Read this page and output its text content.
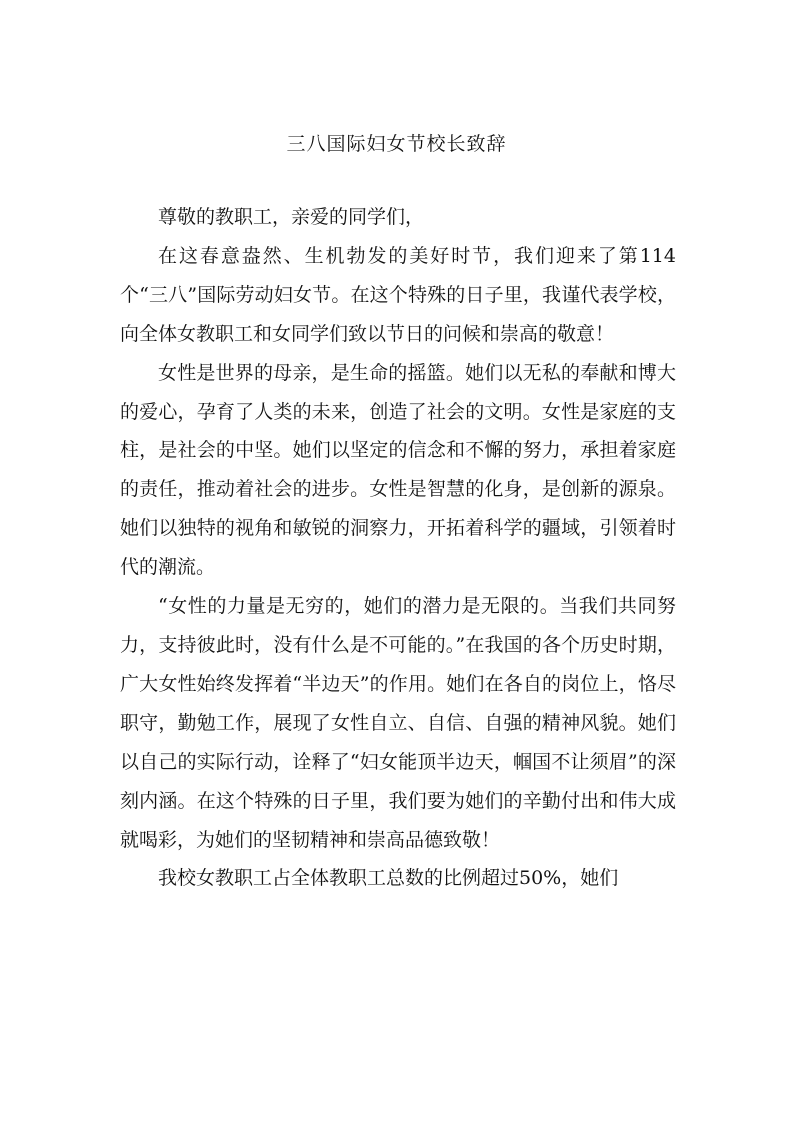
三八国际妇女节校长致辞

尊敬的教职工，亲爱的同学们，

在这春意盎然、生机勃发的美好时节，我们迎来了第114个“三八”国际劳动妇女节。在这个特殊的日子里，我谨代表学校，向全体女教职工和女同学们致以节日的问候和崇高的敬意！

女性是世界的母亲，是生命的摇篮。她们以无私的奉献和博大的爱心，孕育了人类的未来，创造了社会的文明。女性是家庭的支柱，是社会的中坚。她们以坚定的信念和不懈的努力，承担着家庭的责任，推动着社会的进步。女性是智慧的化身，是创新的源泉。她们以独特的视角和敏锐的洞察力，开拓着科学的疆域，引领着时代的潮流。

“女性的力量是无穷的，她们的潜力是无限的。当我们共同努力，支持彼此时，没有什么是不可能的。”在我国的各个历史时期，广大女性始终发挥着“半边天”的作用。她们在各自的岗位上，恪尽职守，勤勉工作，展现了女性自立、自信、自强的精神风貌。她们以自己的实际行动，诠释了“妇女能顶半边天，帼国不让须眉”的深刻内涵。在这个特殊的日子里，我们要为她们的辛勤付出和伟大成就喝彩，为她们的坚韧精神和崇高品德致敬！

我校女教职工占全体教职工总数的比例超过50%，她们
